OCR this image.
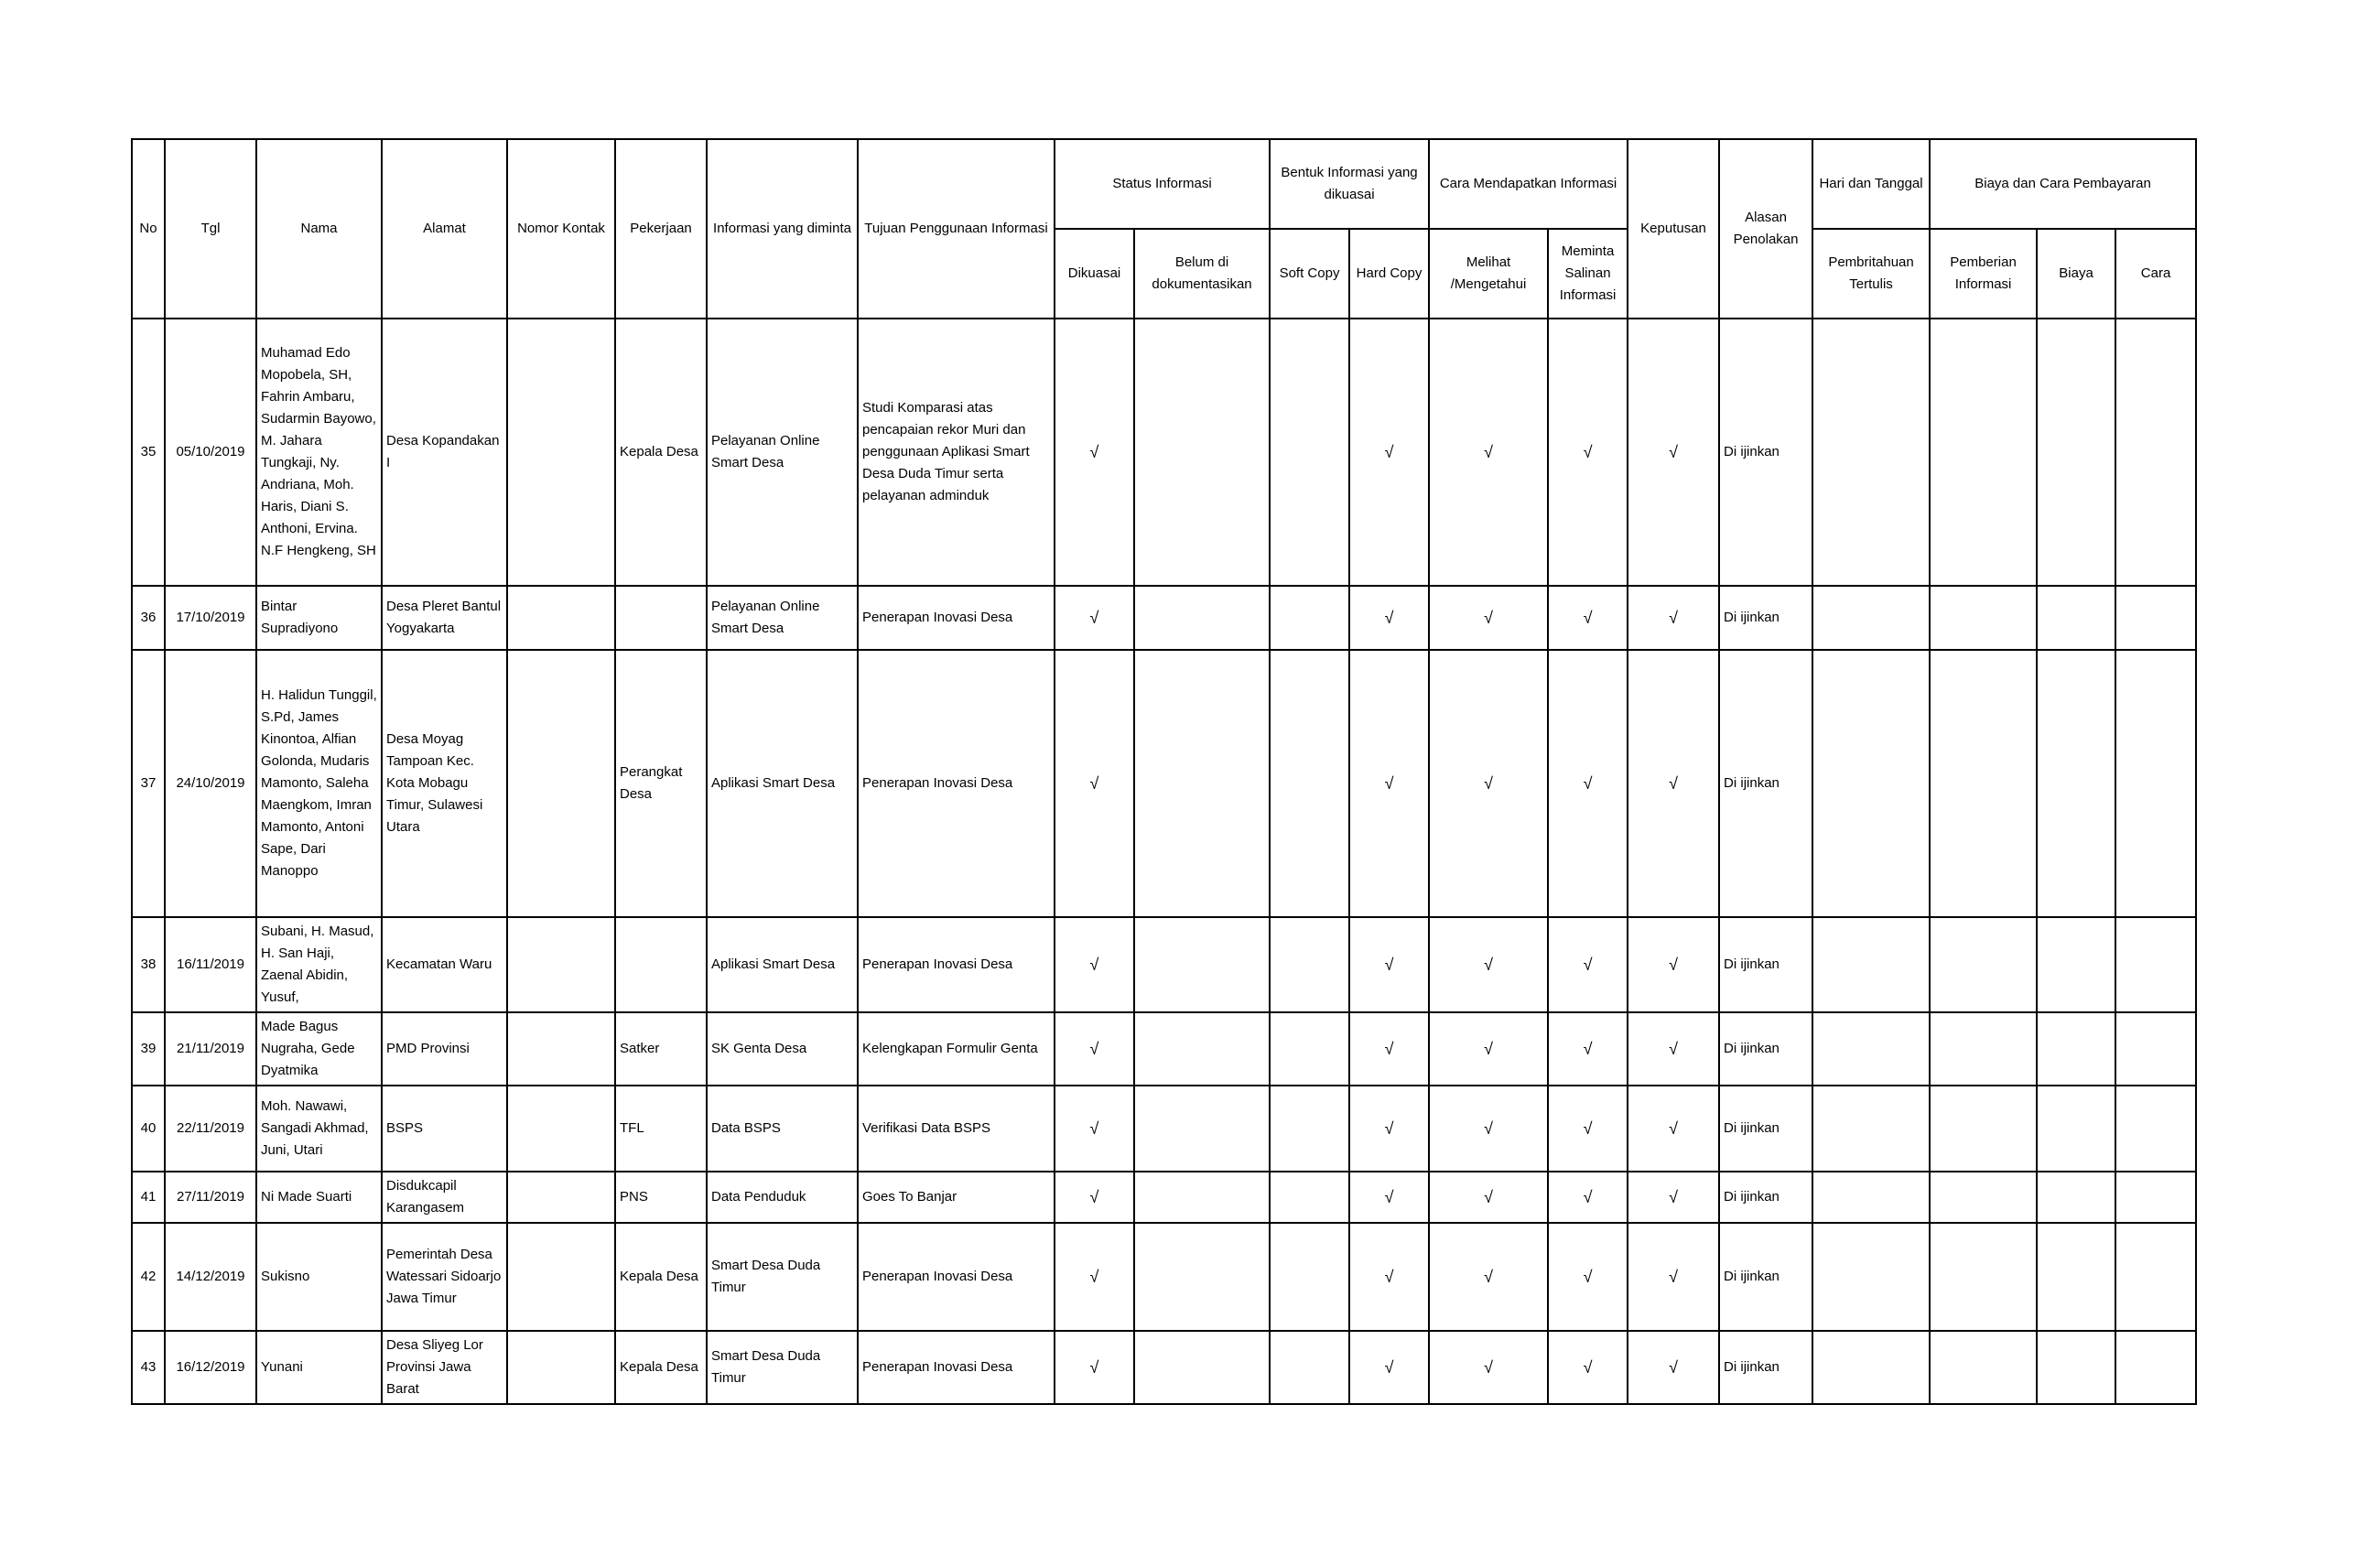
No	Tgl	Nama	Alamat	Nomor Kontak	Pekerjaan	Informasi yang diminta	Tujuan Penggunaan Informasi	Status Informasi		Bentuk Informasi yang dikuasai		Cara Mendapatkan Informasi		Keputusan	Alasan Penolakan	Hari dan Tanggal	Biaya dan Cara Pembayaran		
								Dikuasai	Belum di dokumentasikan	Soft Copy	Hard Copy	Melihat /Mengetahui	Meminta Salinan Informasi			Pembritahuan Tertulis	Pemberian Informasi	Biaya	Cara
35	05/10/2019	Muhamad Edo Mopobela, SH, Fahrin Ambaru, Sudarmin Bayowo, M. Jahara Tungkaji, Ny. Andriana, Moh. Haris, Diani S. Anthoni, Ervina. N.F Hengkeng, SH	Desa Kopandakan I		Kepala Desa	Pelayanan Online Smart Desa	Studi Komparasi atas pencapaian rekor Muri dan penggunaan Aplikasi Smart Desa Duda Timur serta pelayanan adminduk	√			√	√	√	√	Di ijinkan				
36	17/10/2019	Bintar Supradiyono	Desa Pleret Bantul Yogyakarta			Pelayanan Online Smart Desa	Penerapan Inovasi Desa	√			√	√	√	√	Di ijinkan				
37	24/10/2019	H. Halidun Tunggil, S.Pd, James Kinontoa, Alfian Golonda, Mudaris Mamonto, Saleha Maengkom, Imran Mamonto, Antoni Sape, Dari Manoppo	Desa Moyag Tampoan Kec. Kota Mobagu Timur, Sulawesi Utara		Perangkat Desa	Aplikasi Smart Desa	Penerapan Inovasi Desa	√			√	√	√	√	Di ijinkan				
38	16/11/2019	Subani, H. Masud, H. San Haji, Zaenal Abidin, Yusuf,	Kecamatan Waru			Aplikasi Smart Desa	Penerapan Inovasi Desa	√			√	√	√	√	Di ijinkan				
39	21/11/2019	Made Bagus Nugraha, Gede Dyatmika	PMD Provinsi		Satker	SK Genta Desa	Kelengkapan Formulir Genta	√			√	√	√	√	Di ijinkan				
40	22/11/2019	Moh. Nawawi, Sangadi Akhmad, Juni, Utari	BSPS		TFL	Data BSPS	Verifikasi Data BSPS	√			√	√	√	√	Di ijinkan				
41	27/11/2019	Ni Made Suarti	Disdukcapil Karangasem		PNS	Data Penduduk	Goes To Banjar	√			√	√	√	√	Di ijinkan				
42	14/12/2019	Sukisno	Pemerintah Desa Watessari Sidoarjo Jawa Timur		Kepala Desa	Smart Desa Duda Timur	Penerapan Inovasi Desa	√			√	√	√	√	Di ijinkan				
43	16/12/2019	Yunani	Desa Sliyeg Lor Provinsi Jawa Barat		Kepala Desa	Smart Desa Duda Timur	Penerapan Inovasi Desa	√			√	√	√	√	Di ijinkan				
